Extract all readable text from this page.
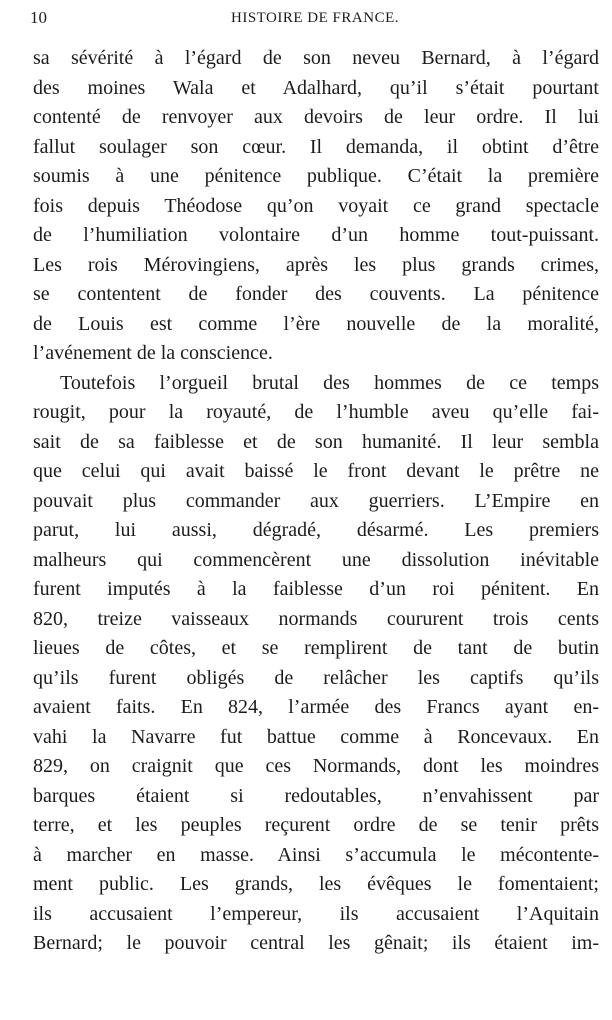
10	HISTOIRE DE FRANCE.
sa sévérité à l’égard de son neveu Bernard, à l’égard
des moines Wala et Adalhard, qu’il s’était pourtant
contenté de renvoyer aux devoirs de leur ordre. Il lui
fallut soulager son cœur. Il demanda, il obtint d’être
soumis à une pénitence publique. C’était la première
fois depuis Théodose qu’on voyait ce grand spectacle
de l’humiliation volontaire d’un homme tout-puissant.
Les rois Mérovingiens, après les plus grands crimes,
se contentent de fonder des couvents. La pénitence
de Louis est comme l’ère nouvelle de la moralité,
l’avénement de la conscience.
Toutefois l’orgueil brutal des hommes de ce temps
rougit, pour la royauté, de l’humble aveu qu’elle fai-
sait de sa faiblesse et de son humanité. Il leur sembla
que celui qui avait baissé le front devant le prêtre ne
pouvait plus commander aux guerriers. L’Empire en
parut, lui aussi, dégradé, désarmé. Les premiers
malheurs qui commencèrent une dissolution inévitable
furent imputés à la faiblesse d’un roi pénitent. En
820, treize vaisseaux normands coururent trois cents
lieues de côtes, et se remplirent de tant de butin
qu’ils furent obligés de relâcher les captifs qu’ils
avaient faits. En 824, l’armée des Francs ayant en-
vahi la Navarre fut battue comme à Roncevaux. En
829, on craignit que ces Normands, dont les moindres
barques étaient si redoutables, n’envahissent par
terre, et les peuples reçurent ordre de se tenir prêts
à marcher en masse. Ainsi s’accumula le mécontente-
ment public. Les grands, les évêques le fomentaient;
ils accusaient l’empereur, ils accusaient l’Aquitain
Bernard; le pouvoir central les gênait; ils étaient im-
